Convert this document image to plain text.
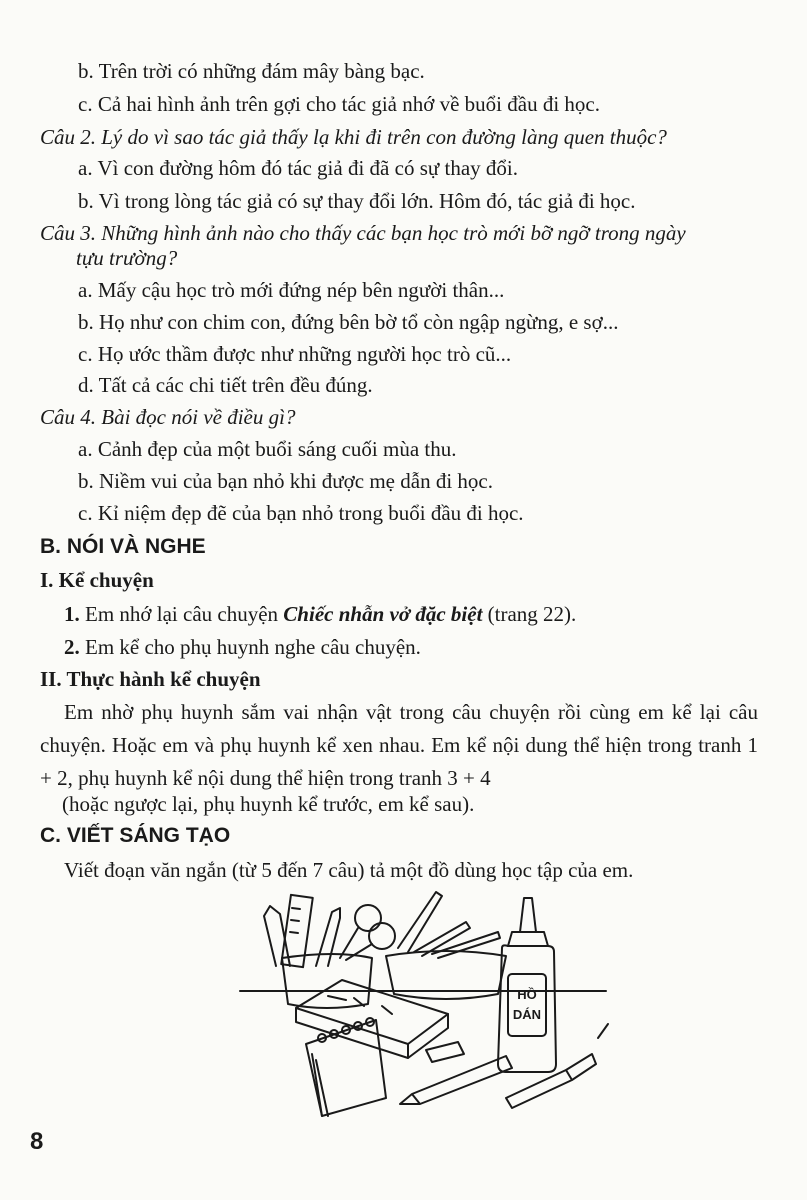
b. Trên trời có những đám mây bàng bạc.

c. Cả hai hình ảnh trên gợi cho tác giả nhớ về buổi đầu đi học.

Câu 2. Lý do vì sao tác giả thấy lạ khi đi trên con đường làng quen thuộc?

a. Vì con đường hôm đó tác giả đi đã có sự thay đổi.

b. Vì trong lòng tác giả có sự thay đổi lớn. Hôm đó, tác giả đi học.

Câu 3. Những hình ảnh nào cho thấy các bạn học trò mới bỡ ngỡ trong ngày

tựu trường?

a. Mấy cậu học trò mới đứng nép bên người thân...

b. Họ như con chim con, đứng bên bờ tổ còn ngập ngừng, e sợ...

c. Họ ước thầm được như những người học trò cũ...

d. Tất cả các chi tiết trên đều đúng.

Câu 4. Bài đọc nói về điều gì?

a. Cảnh đẹp của một buổi sáng cuối mùa thu.

b. Niềm vui của bạn nhỏ khi được mẹ dẫn đi học.

c. Kỉ niệm đẹp đẽ của bạn nhỏ trong buổi đầu đi học.

B. NÓI VÀ NGHE

I. Kể chuyện

1. Em nhớ lại câu chuyện Chiếc nhẫn vở đặc biệt (trang 22).

2. Em kể cho phụ huynh nghe câu chuyện.

II. Thực hành kể chuyện

Em nhờ phụ huynh sắm vai nhận vật trong câu chuyện rồi cùng em kể lại câu chuyện. Hoặc em và phụ huynh kể xen nhau. Em kể nội dung thể hiện trong tranh 1 + 2, phụ huynh kể nội dung thể hiện trong tranh 3 + 4

(hoặc ngược lại, phụ huynh kể trước, em kể sau).

C. VIẾT SÁNG TẠO

Viết đoạn văn ngắn (từ 5 đến 7 câu) tả một đồ dùng học tập của em.

HỒ
DÁN
8
